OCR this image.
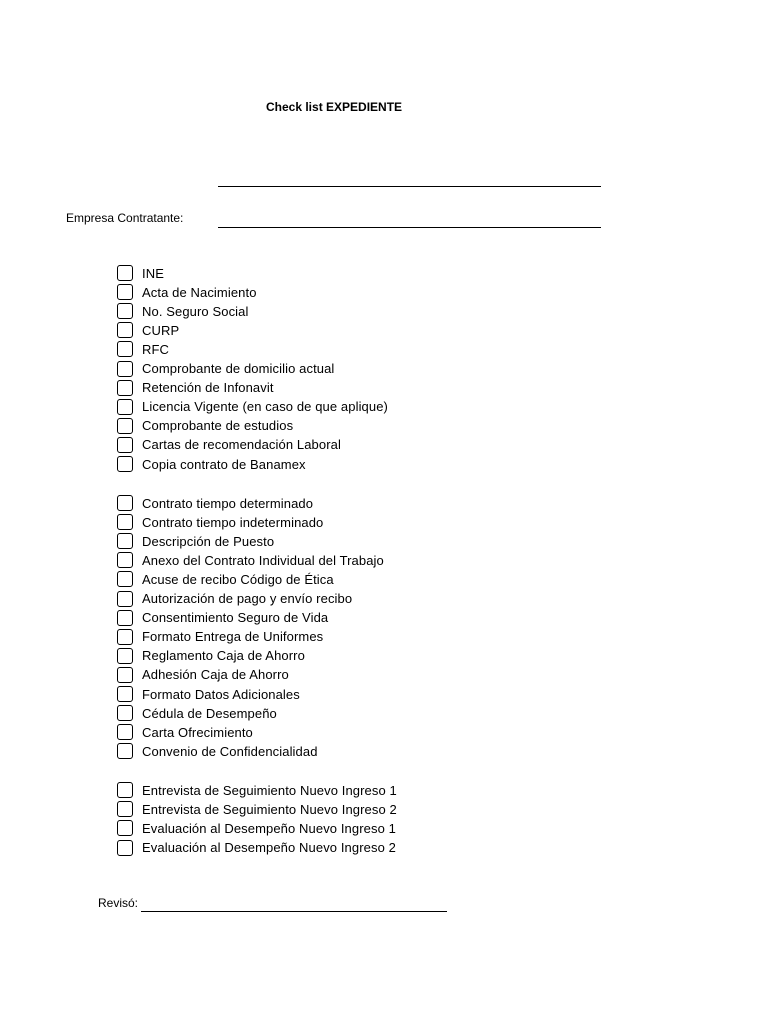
Check list EXPEDIENTE
Empresa Contratante:
INE
Acta de Nacimiento
No. Seguro Social
CURP
RFC
Comprobante de domicilio actual
Retención de Infonavit
Licencia Vigente (en caso de que aplique)
Comprobante de estudios
Cartas de recomendación Laboral
Copia contrato de Banamex
Contrato tiempo determinado
Contrato tiempo indeterminado
Descripción de Puesto
Anexo del Contrato Individual del Trabajo
Acuse de recibo Código de Ética
Autorización de pago y envío recibo
Consentimiento Seguro de Vida
Formato Entrega de Uniformes
Reglamento Caja de Ahorro
Adhesión Caja de Ahorro
Formato Datos Adicionales
Cédula de Desempeño
Carta Ofrecimiento
Convenio de Confidencialidad
Entrevista de Seguimiento Nuevo Ingreso 1
Entrevista de Seguimiento Nuevo Ingreso 2
Evaluación al Desempeño Nuevo Ingreso 1
Evaluación al Desempeño Nuevo Ingreso 2
Revisó:
